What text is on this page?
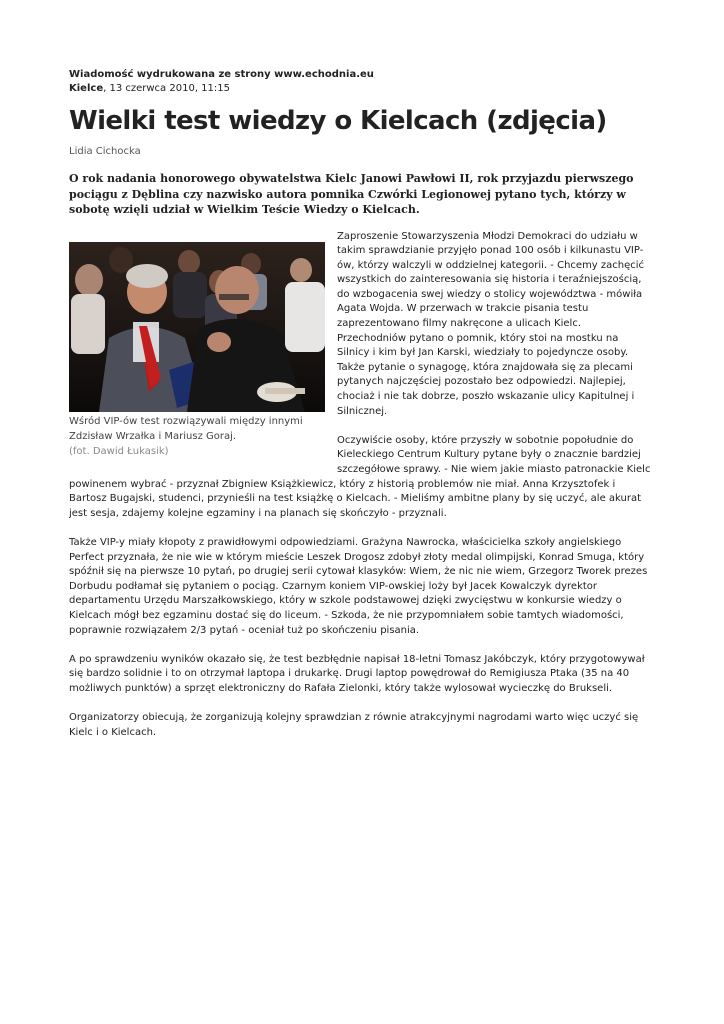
Wiadomość wydrukowana ze strony www.echodnia.eu
Kielce, 13 czerwca 2010, 11:15
Wielki test wiedzy o Kielcach (zdjęcia)
Lidia Cichocka
O rok nadania honorowego obywatelstwa Kielc Janowi Pawłowi II, rok przyjazdu pierwszego pociągu z Dęblina czy nazwisko autora pomnika Czwórki Legionowej pytano tych, którzy w sobotę wzięli udział w Wielkim Teście Wiedzy o Kielcach.
Wśród VIP-ów test rozwiązywali między innymi Zdzisław Wrzałka i Mariusz Goraj.
(fot. Dawid Łukasik)

Zaproszenie Stowarzyszenia Młodzi Demokraci do udziału w takim sprawdzianie przyjęło ponad 100 osób i kilkunastu VIP-ów, którzy walczyli w oddzielnej kategorii. - Chcemy zachęcić wszystkich do zainteresowania się historia i teraźniejszością, do wzbogacenia swej wiedzy o stolicy województwa - mówiła Agata Wojda. W przerwach w trakcie pisania testu zaprezentowano filmy nakręcone a ulicach Kielc. Przechodniów pytano o pomnik, który stoi na mostku na Silnicy i kim był Jan Karski, wiedziały to pojedyncze osoby. Także pytanie o synagogę, która znajdowała się za plecami pytanych najczęściej pozostało bez odpowiedzi. Najlepiej, chociaż i nie tak dobrze, poszło wskazanie ulicy Kapitulnej i Silnicznej.

Oczywiście osoby, które przyszły w sobotnie popołudnie do Kieleckiego Centrum Kultury pytane były o znacznie bardziej szczegółowe sprawy. - Nie wiem jakie miasto patronackie Kielc powinenem wybrać - przyznał Zbigniew Książkiewicz, który z historią problemów nie miał. Anna Krzysztofek i Bartosz Bugajski, studenci, przynieśli na test książkę o Kielcach. - Mieliśmy ambitne plany by się uczyć, ale akurat jest sesja, zdajemy kolejne egzaminy i na planach się skończyło - przyznali.

Także VIP-y miały kłopoty z prawidłowymi odpowiedziami. Grażyna Nawrocka, właścicielka szkoły angielskiego Perfect przyznała, że nie wie w którym mieście Leszek Drogosz zdobył złoty medal olimpijski, Konrad Smuga, który spóźnił się na pierwsze 10 pytań, po drugiej serii cytował klasyków: Wiem, że nic nie wiem, Grzegorz Tworek prezes Dorbudu podłamał się pytaniem o pociąg. Czarnym koniem VIP-owskiej loży był Jacek Kowalczyk dyrektor departamentu Urzędu Marszałkowskiego, który w szkole podstawowej dzięki zwycięstwu w konkursie wiedzy o Kielcach mógł bez egzaminu dostać się do liceum. - Szkoda, że nie przypomniałem sobie tamtych wiadomości, poprawnie rozwiązałem 2/3 pytań - oceniał tuż po skończeniu pisania.

A po sprawdzeniu wyników okazało się, że test bezbłędnie napisał 18-letni Tomasz Jakóbczyk, który przygotowywał się bardzo solidnie i to on otrzymał laptopa i drukarkę. Drugi laptop powędrował do Remigiusza Ptaka (35 na 40 możliwych punktów) a sprzęt elektroniczny do Rafała Zielonki, który także wylosował wycieczkę do Brukseli.

Organizatorzy obiecują, że zorganizują kolejny sprawdzian z równie atrakcyjnymi nagrodami warto więc uczyć się Kielc i o Kielcach.
